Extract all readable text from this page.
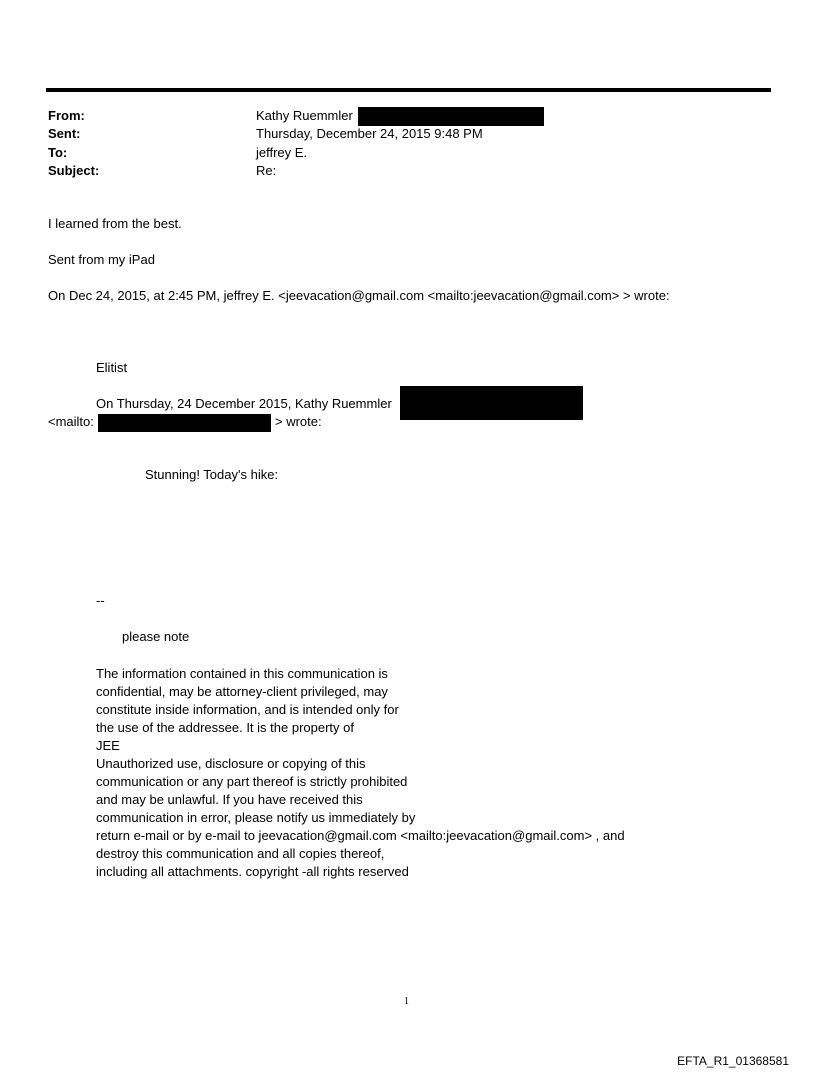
From:	Kathy Ruemmler
Sent:	Thursday, December 24, 2015 9:48 PM
To:	jeffrey E.
Subject:	Re:
I learned from the best.
Sent from my iPad
On Dec 24, 2015, at 2:45 PM, jeffrey E. <jeevacation@gmail.com <mailto:jeevacation@gmail.com> > wrote:
Elitist
On Thursday, 24 December 2015, Kathy Ruemmler
<mailto:	> wrote:
Stunning! Today's hike:
--
please note
The information contained in this communication is
confidential, may be attorney-client privileged, may
constitute inside information, and is intended only for
the use of the addressee. It is the property of
JEE
Unauthorized use, disclosure or copying of this
communication or any part thereof is strictly prohibited
and may be unlawful. If you have received this
communication in error, please notify us immediately by
return e-mail or by e-mail to jeevacation@gmail.com <mailto:jeevacation@gmail.com> , and
destroy this communication and all copies thereof,
including all attachments. copyright -all rights reserved
1
EFTA_R1_01368581
